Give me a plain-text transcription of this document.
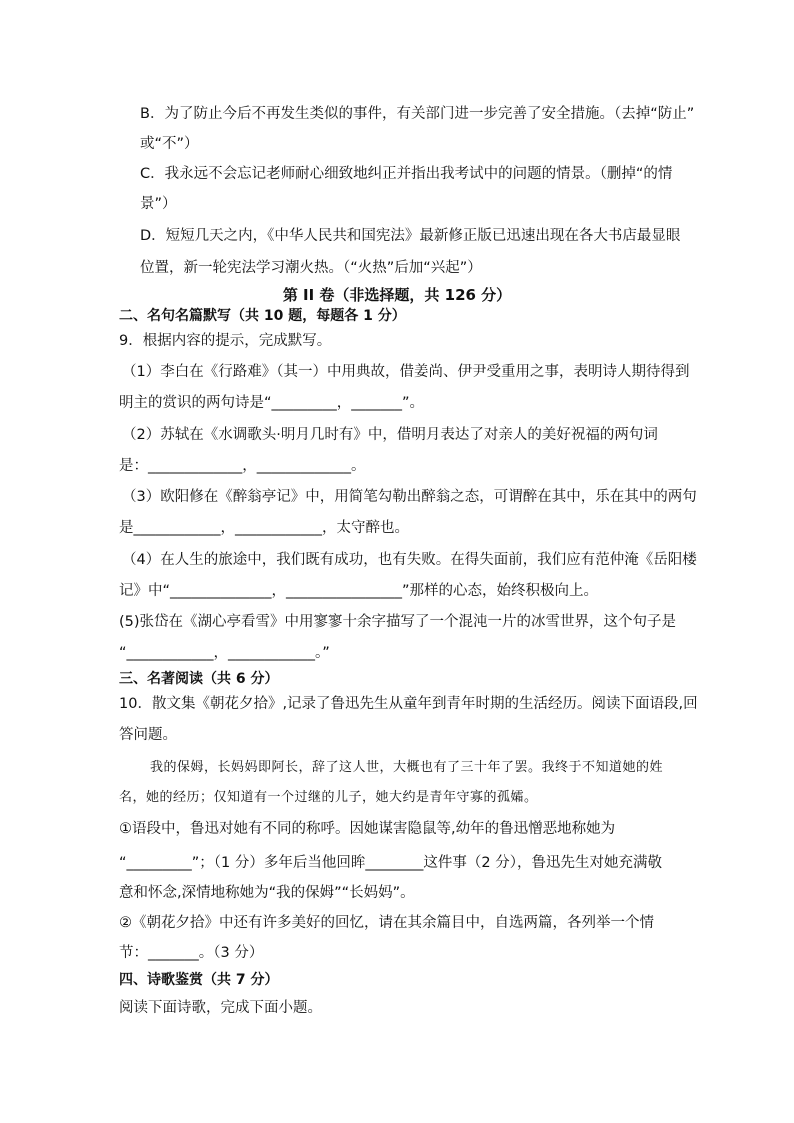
B．为了防止今后不再发生类似的事件，有关部门进一步完善了安全措施。（去掉“防止”
或“不”）
C．我永远不会忘记老师耐心细致地纠正并指出我考试中的问题的情景。（删掉“的情
景”）
D．短短几天之内，《中华人民共和国宪法》最新修正版已迅速出现在各大书店最显眼
位置，新一轮宪法学习潮火热。（“火热”后加“兴起”）
第 II 卷（非选择题，共 126 分）
二、名句名篇默写（共 10 题，每题各 1 分）
9．根据内容的提示，完成默写。
（1）李白在《行路难》（其一）中用典故，借姜尚、伊尹受重用之事，表明诗人期待得到
明主的赏识的两句诗是“_________，_______”。
（2）苏轼在《水调歌头·明月几时有》中，借明月表达了对亲人的美好祝福的两句词
是：_____________，_____________。
（3）欧阳修在《醉翁亭记》中，用简笔勾勒出醉翁之态，可谓醉在其中，乐在其中的两句
是____________，____________，太守醉也。
（4）在人生的旅途中，我们既有成功，也有失败。在得失面前，我们应有范仲淹《岳阳楼
记》中“______________，________________”那样的心态，始终积极向上。
(5)张岱在《湖心亭看雪》中用寥寥十余字描写了一个混沌一片的冰雪世界，这个句子是
“____________，____________。”
三、名著阅读（共 6 分）
10．散文集《朝花夕拾》,记录了鲁迅先生从童年到青年时期的生活经历。阅读下面语段,回
答问题。
我的保姆，长妈妈即阿长，辞了这人世，大概也有了三十年了罢。我终于不知道她的姓
名，她的经历；仅知道有一个过继的儿子，她大约是青年守寡的孤孀。
①语段中，鲁迅对她有不同的称呼。因她谋害隐鼠等,幼年的鲁迅憎恶地称她为
“_________”；（1 分）多年后当他回眸________这件事（2 分），鲁迅先生对她充满敬
意和怀念,深情地称她为“我的保姆”“长妈妈”。
②《朝花夕拾》中还有许多美好的回忆，请在其余篇目中，自选两篇，各列举一个情
节：_______。（3 分）
四、诗歌鉴赏（共 7 分）
阅读下面诗歌，完成下面小题。
